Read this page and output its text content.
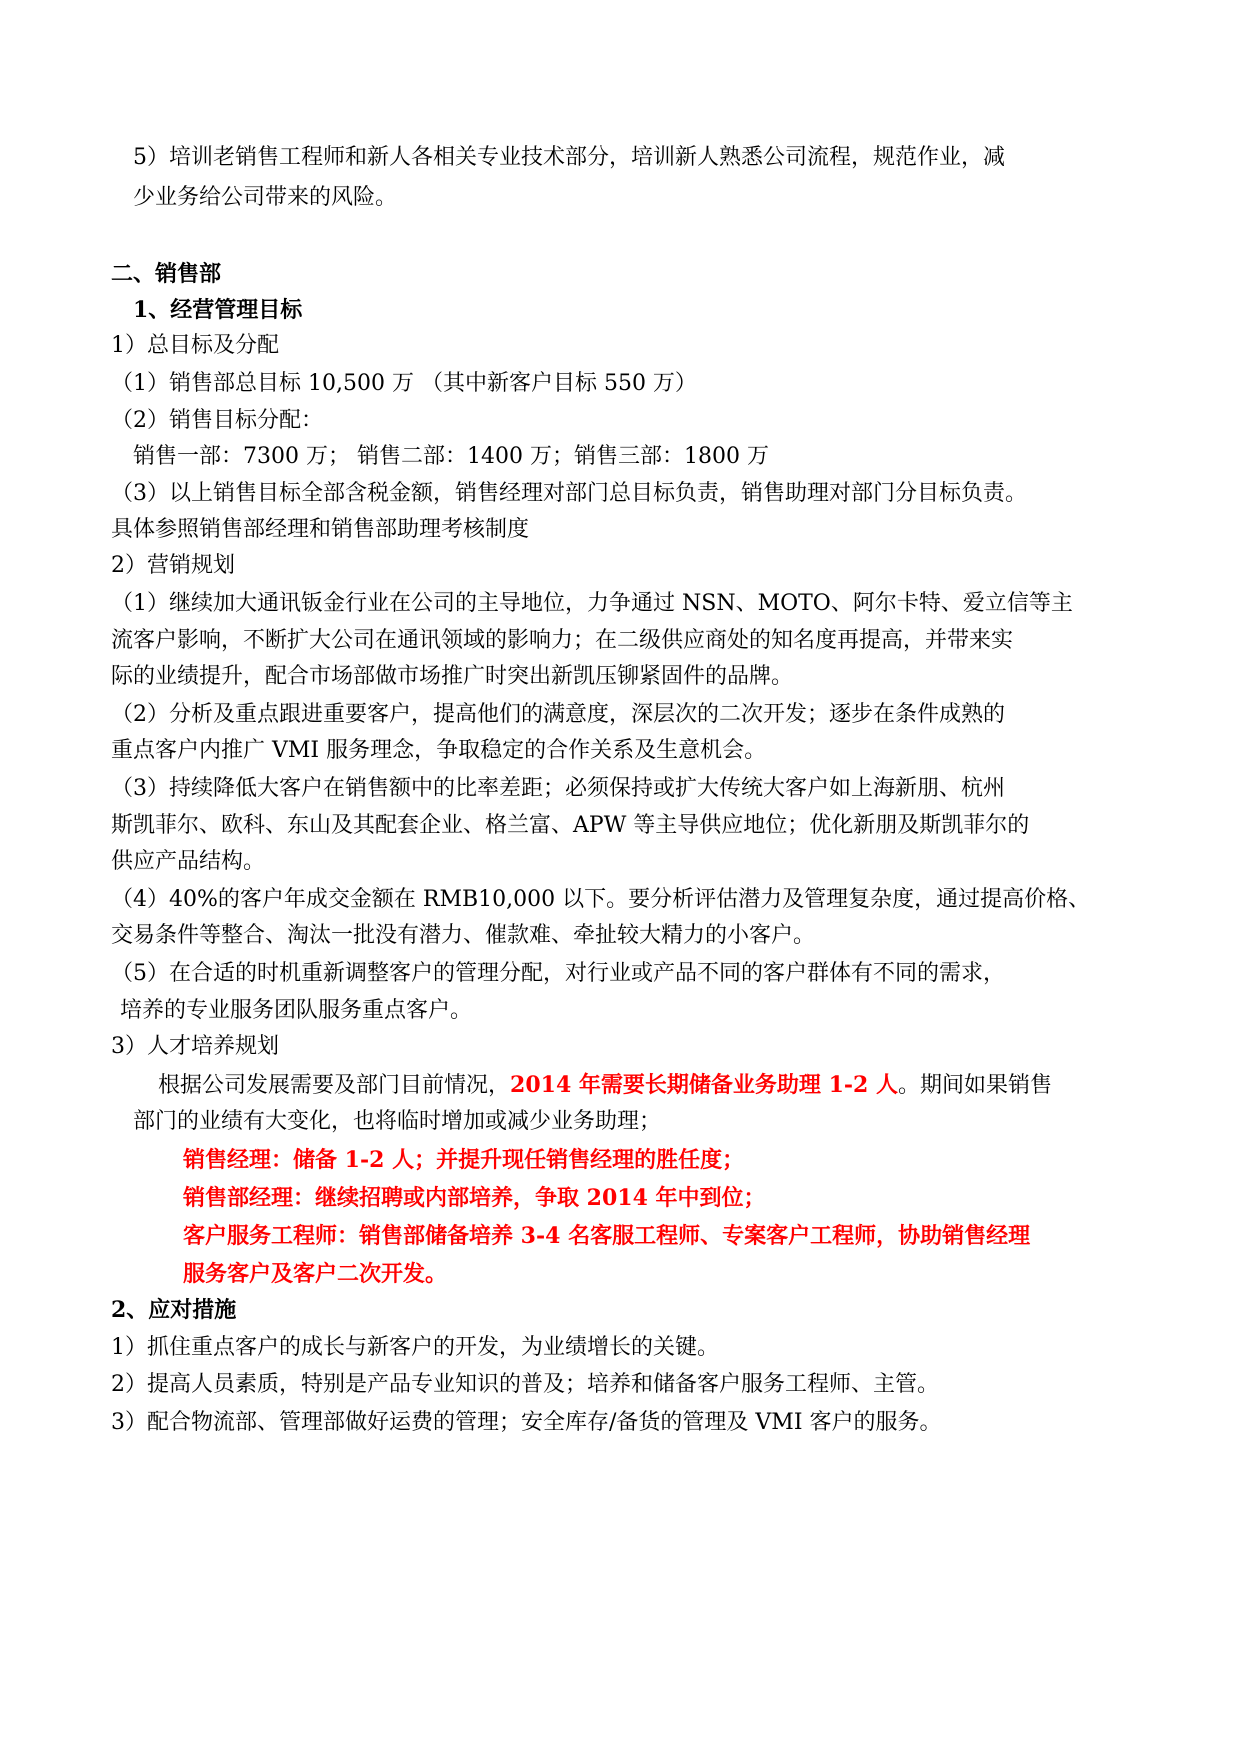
5）培训老销售工程师和新人各相关专业技术部分，培训新人熟悉公司流程，规范作业，减
少业务给公司带来的风险。
二、销售部
1、经营管理目标
1）总目标及分配
（1）销售部总目标 10,500 万 （其中新客户目标 550 万）
（2）销售目标分配：
销售一部：7300 万； 销售二部：1400 万；销售三部：1800 万
（3）以上销售目标全部含税金额，销售经理对部门总目标负责，销售助理对部门分目标负责。
具体参照销售部经理和销售部助理考核制度
2）营销规划
（1）继续加大通讯钣金行业在公司的主导地位，力争通过 NSN、MOTO、阿尔卡特、爱立信等主
流客户影响，不断扩大公司在通讯领域的影响力；在二级供应商处的知名度再提高，并带来实
际的业绩提升，配合市场部做市场推广时突出新凯压铆紧固件的品牌。
（2）分析及重点跟进重要客户，提高他们的满意度，深层次的二次开发；逐步在条件成熟的
重点客户内推广 VMI 服务理念，争取稳定的合作关系及生意机会。
（3）持续降低大客户在销售额中的比率差距；必须保持或扩大传统大客户如上海新朋、杭州
斯凯菲尔、欧科、东山及其配套企业、格兰富、APW 等主导供应地位；优化新朋及斯凯菲尔的
供应产品结构。
（4）40%的客户年成交金额在 RMB10,000 以下。要分析评估潜力及管理复杂度，通过提高价格、
交易条件等整合、淘汰一批没有潜力、催款难、牵扯较大精力的小客户。
（5）在合适的时机重新调整客户的管理分配，对行业或产品不同的客户群体有不同的需求，
培养的专业服务团队服务重点客户。
3）人才培养规划
根据公司发展需要及部门目前情况，2014 年需要长期储备业务助理 1-2 人。期间如果销售
部门的业绩有大变化，也将临时增加或减少业务助理；
销售经理：储备 1-2 人；并提升现任销售经理的胜任度；
销售部经理：继续招聘或内部培养，争取 2014 年中到位；
客户服务工程师：销售部储备培养 3-4 名客服工程师、专案客户工程师，协助销售经理
服务客户及客户二次开发。
2、应对措施
1）抓住重点客户的成长与新客户的开发，为业绩增长的关键。
2）提高人员素质，特别是产品专业知识的普及；培养和储备客户服务工程师、主管。
3）配合物流部、管理部做好运费的管理；安全库存/备货的管理及 VMI 客户的服务。
